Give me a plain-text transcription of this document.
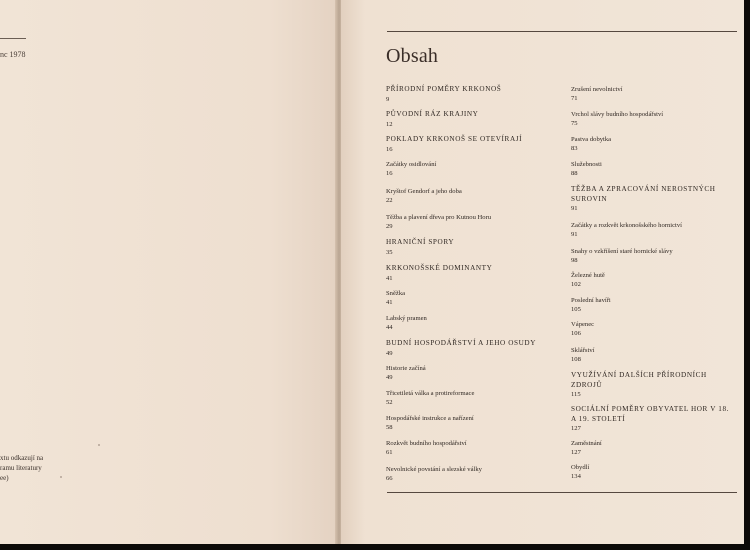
nc 1978
xtu odkazují na
ramu literatury
ee)
Obsah
PŘÍRODNÍ POMĚRY KRKONOŠ
9
PŮVODNÍ RÁZ KRAJINY
12
POKLADY KRKONOŠ SE OTEVÍRAJÍ
16
Začátky osidlování
16
Kryštof Gendorf a jeho doba
22
Těžba a plavení dřeva pro Kutnou Horu
29
HRANIČNÍ SPORY
35
KRKONOŠSKÉ DOMINANTY
41
Sněžka
41
Labský pramen
44
BUDNÍ HOSPODÁŘSTVÍ A JEHO OSUDY
49
Historie začíná
49
Třicetiletá válka a protireformace
52
Hospodářské instrukce a nařízení
58
Rozkvět budního hospodářství
61
Nevolnické povstání a slezské války
66
Zrušení nevolnictví
71
Vrchol slávy budního hospodářství
75
Pastva dobytka
83
Služebnosti
88
TĚŽBA A ZPRACOVÁNÍ NEROSTNÝCH SUROVIN
91
Začátky a rozkvět krkonošského hornictví
91
Snahy o vzkříšení staré hornické slávy
98
Železné hutě
102
Poslední havíři
105
Vápenec
106
Sklářství
108
VYUŽÍVÁNÍ DALŠÍCH PŘÍRODNÍCH ZDROJŮ
115
SOCIÁLNÍ POMĚRY OBYVATEL HOR V 18. A 19. STOLETÍ
127
Zaměstnání
127
Obydlí
134
